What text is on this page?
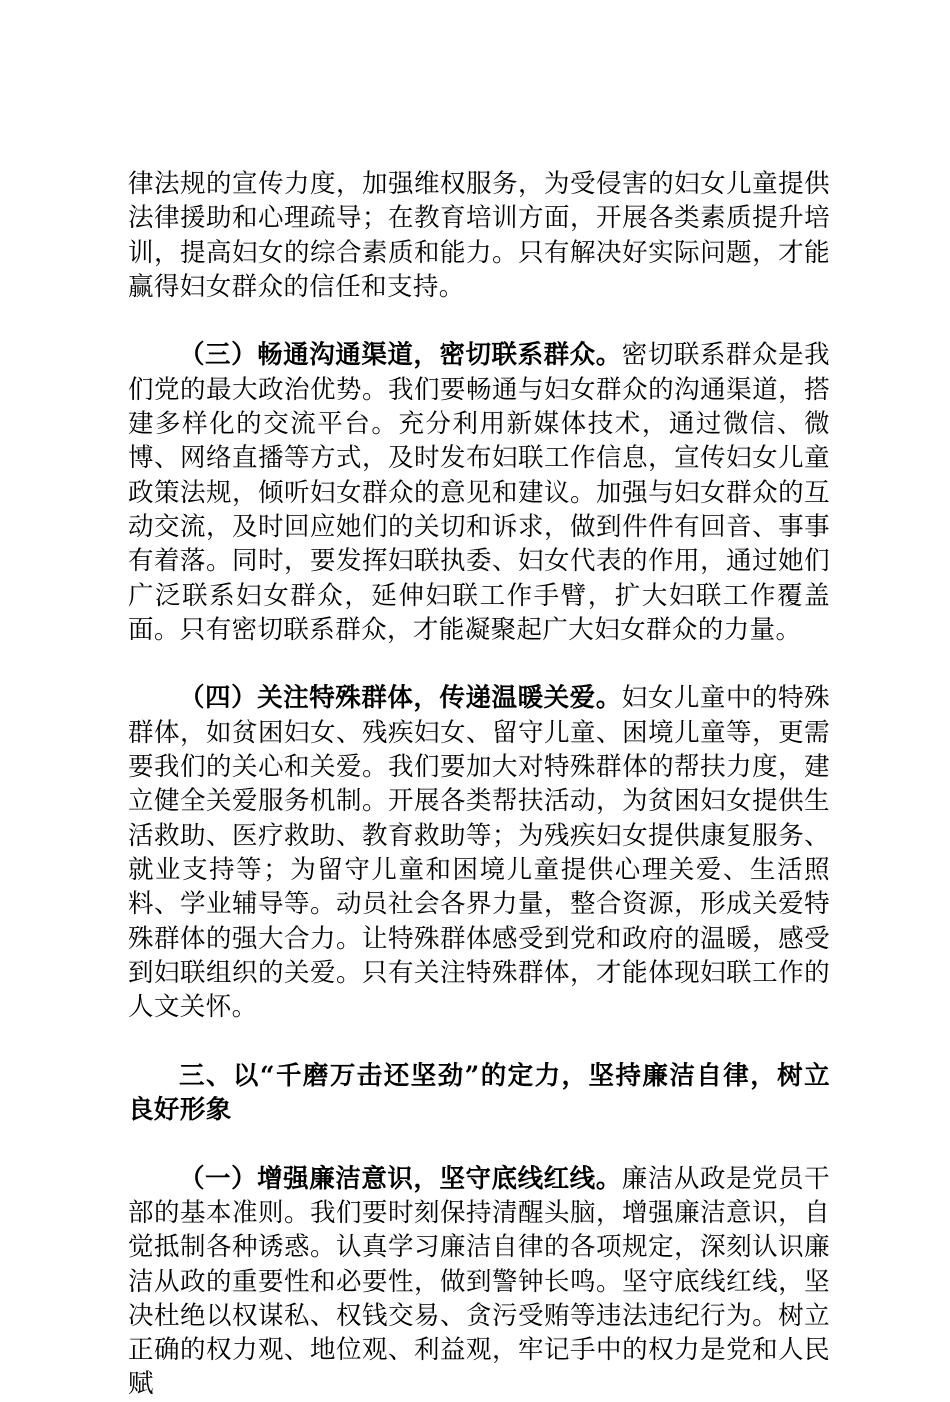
律法规的宣传力度，加强维权服务，为受侵害的妇女儿童提供法律援助和心理疏导；在教育培训方面，开展各类素质提升培训，提高妇女的综合素质和能力。只有解决好实际问题，才能赢得妇女群众的信任和支持。

（三）畅通沟通渠道，密切联系群众。密切联系群众是我们党的最大政治优势。我们要畅通与妇女群众的沟通渠道，搭建多样化的交流平台。充分利用新媒体技术，通过微信、微博、网络直播等方式，及时发布妇联工作信息，宣传妇女儿童政策法规，倾听妇女群众的意见和建议。加强与妇女群众的互动交流，及时回应她们的关切和诉求，做到件件有回音、事事有着落。同时，要发挥妇联执委、妇女代表的作用，通过她们广泛联系妇女群众，延伸妇联工作手臂，扩大妇联工作覆盖面。只有密切联系群众，才能凝聚起广大妇女群众的力量。

（四）关注特殊群体，传递温暖关爱。妇女儿童中的特殊群体，如贫困妇女、残疾妇女、留守儿童、困境儿童等，更需要我们的关心和关爱。我们要加大对特殊群体的帮扶力度，建立健全关爱服务机制。开展各类帮扶活动，为贫困妇女提供生活救助、医疗救助、教育救助等；为残疾妇女提供康复服务、就业支持等；为留守儿童和困境儿童提供心理关爱、生活照料、学业辅导等。动员社会各界力量，整合资源，形成关爱特殊群体的强大合力。让特殊群体感受到党和政府的温暖，感受到妇联组织的关爱。只有关注特殊群体，才能体现妇联工作的人文关怀。

三、以“千磨万击还坚劲”的定力，坚持廉洁自律，树立良好形象

（一）增强廉洁意识，坚守底线红线。廉洁从政是党员干部的基本准则。我们要时刻保持清醒头脑，增强廉洁意识，自觉抵制各种诱惑。认真学习廉洁自律的各项规定，深刻认识廉洁从政的重要性和必要性，做到警钟长鸣。坚守底线红线，坚决杜绝以权谋私、权钱交易、贪污受贿等违法违纪行为。树立正确的权力观、地位观、利益观，牢记手中的权力是党和人民赋
